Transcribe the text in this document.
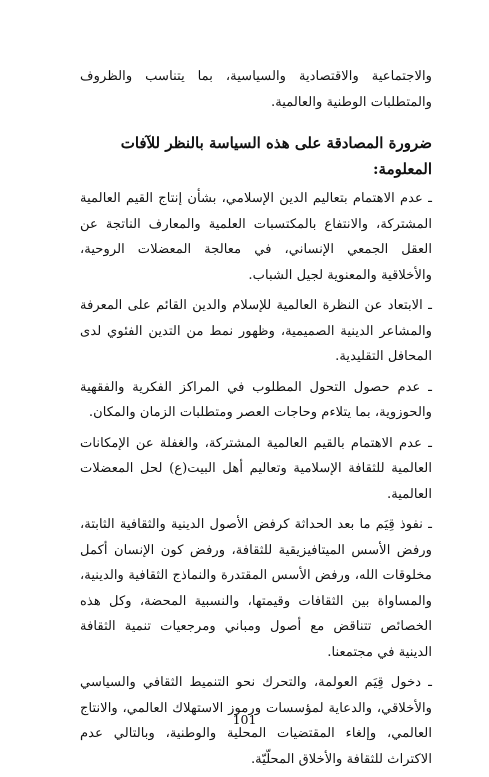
والاجتماعية والاقتصادية والسياسية، بما يتناسب والظروف والمتطلبات الوطنية والعالمية.

ضرورة المصادقة على هذه السياسة بالنظر للآفات المعلومة:

ـ عدم الاهتمام بتعاليم الدين الإسلامي، بشأن إنتاج القيم العالمية المشتركة، والانتفاع بالمكتسبات العلمية والمعارف الناتجة عن العقل الجمعي الإنساني، في معالجة المعضلات الروحية، والأخلاقية والمعنوية لجيل الشباب.

ـ الابتعاد عن النظرة العالمية للإسلام والدين القائم على المعرفة والمشاعر الدينية الصميمية، وظهور نمط من التدين الفئوي لدى المحافل التقليدية.

ـ عدم حصول التحول المطلوب في المراكز الفكرية والفقهية والحوزوية، بما يتلاءم وحاجات العصر ومتطلبات الزمان والمكان.

ـ عدم الاهتمام بالقيم العالمية المشتركة، والغفلة عن الإمكانات العالمية للثقافة الإسلامية وتعاليم أهل البيت(ع) لحل المعضلات العالمية.

ـ نفوذ قِيَم ما بعد الحداثة كرفض الأصول الدينية والثقافية الثابتة، ورفض الأسس الميتافيزيقية للثقافة، ورفض كون الإنسان أكمل مخلوقات الله، ورفض الأسس المقتدرة والنماذج الثقافية والدينية، والمساواة بين الثقافات وقيمتها، والنسبية المحضة، وكل هذه الخصائص تتناقض مع أصول ومباني ومرجعيات تنمية الثقافة الدينية في مجتمعنا.

ـ دخول قِيَم العولمة، والتحرك نحو التنميط الثقافي والسياسي والأخلاقي، والدعاية لمؤسسات ورموز الاستهلاك العالمي، والانتاج العالمي، وإلغاء المقتضيات المحلية والوطنية، وبالتالي عدم الاكتراث للثقافة والأخلاق المحلّيّة.

101
